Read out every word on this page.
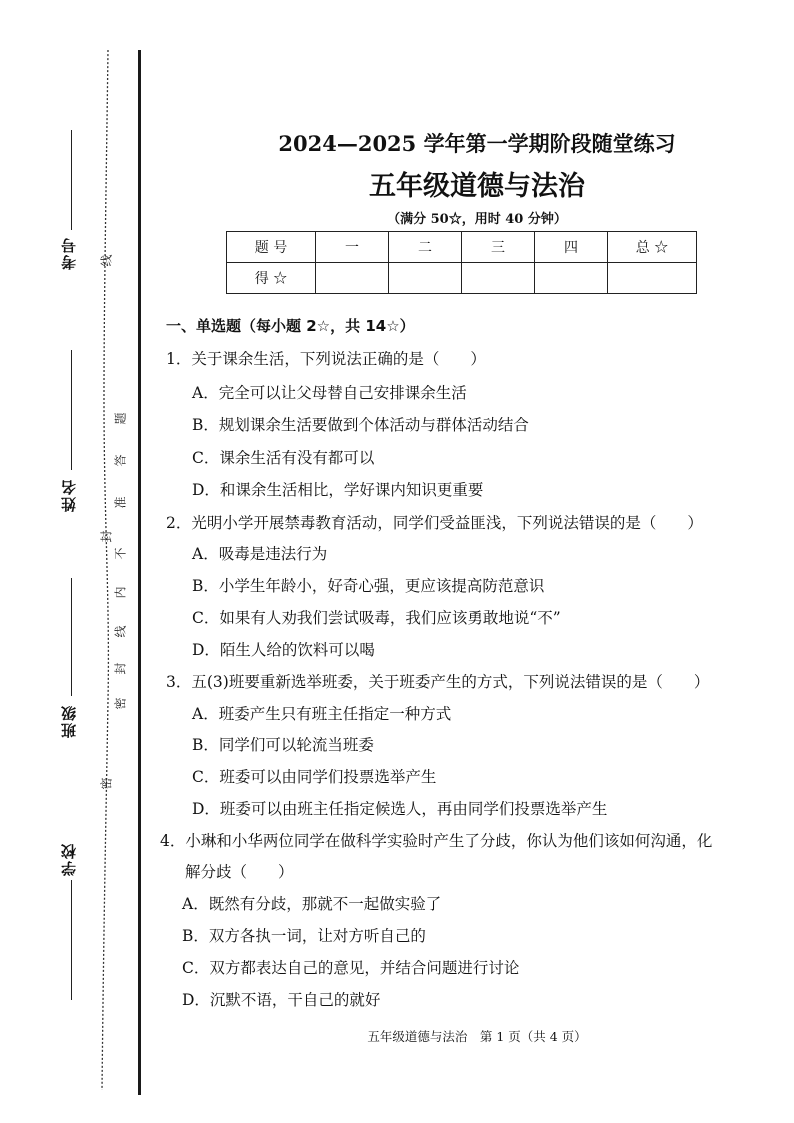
考号
姓名
班级
学校
线
封
密
密
封
线
内
不
准
答
题
2024—2025 学年第一学期阶段随堂练习
五年级道德与法治
（满分 50☆，用时 40 分钟）
题 号	一	二	三	四	总 ☆
得 ☆					
一、单选题（每小题 2☆，共 14☆）
1．关于课余生活，下列说法正确的是（　　）
A．完全可以让父母替自己安排课余生活
B．规划课余生活要做到个体活动与群体活动结合
C．课余生活有没有都可以
D．和课余生活相比，学好课内知识更重要
2．光明小学开展禁毒教育活动，同学们受益匪浅，下列说法错误的是（　　）
A．吸毒是违法行为
B．小学生年龄小，好奇心强，更应该提高防范意识
C．如果有人劝我们尝试吸毒，我们应该勇敢地说“不”
D．陌生人给的饮料可以喝
3．五(3)班要重新选举班委，关于班委产生的方式，下列说法错误的是（　　）
A．班委产生只有班主任指定一种方式
B．同学们可以轮流当班委
C．班委可以由同学们投票选举产生
D．班委可以由班主任指定候选人，再由同学们投票选举产生
4．小琳和小华两位同学在做科学实验时产生了分歧，你认为他们该如何沟通，化
解分歧（　　）
A．既然有分歧，那就不一起做实验了
B．双方各执一词，让对方听自己的
C．双方都表达自己的意见，并结合问题进行讨论
D．沉默不语，干自己的就好
五年级道德与法治　第 1 页（共 4 页）
